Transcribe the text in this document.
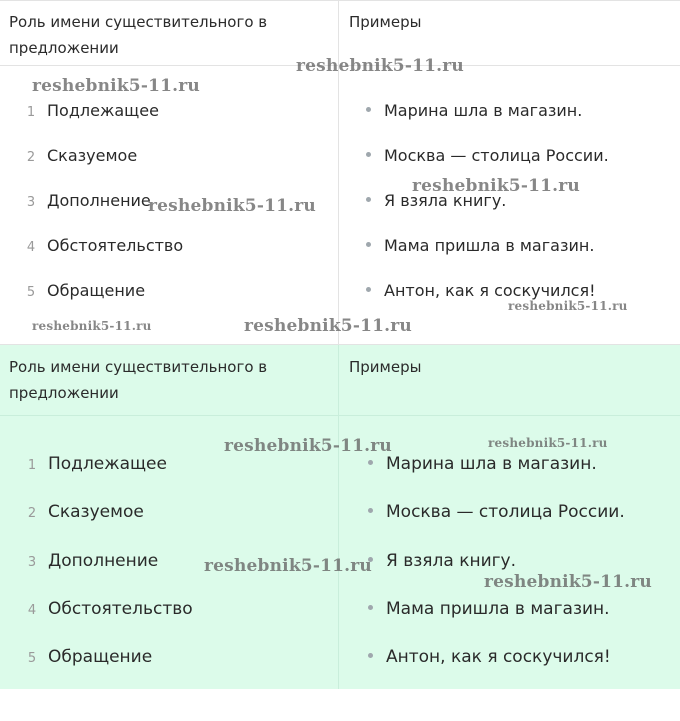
Роль имени существительного в предложении
Примеры
1 Подлежащее
2 Сказуемое
3 Дополнение
4 Обстоятельство
5 Обращение
Марина шла в магазин.
Москва — столица России.
Я взяла книгу.
Мама пришла в магазин.
Антон, как я соскучился!
Роль имени существительного в предложении
Примеры
1 Подлежащее
2 Сказуемое
3 Дополнение
4 Обстоятельство
5 Обращение
Марина шла в магазин.
Москва — столица России.
Я взяла книгу.
Мама пришла в магазин.
Антон, как я соскучился!
reshebnik5-11.ru
reshebnik5-11.ru
reshebnik5-11.ru
reshebnik5-11.ru
reshebnik5-11.ru
reshebnik5-11.ru	reshebnik5-11.ru
reshebnik5-11.ru	reshebnik5-11.ru
reshebnik5-11.ru
reshebnik5-11.ru
